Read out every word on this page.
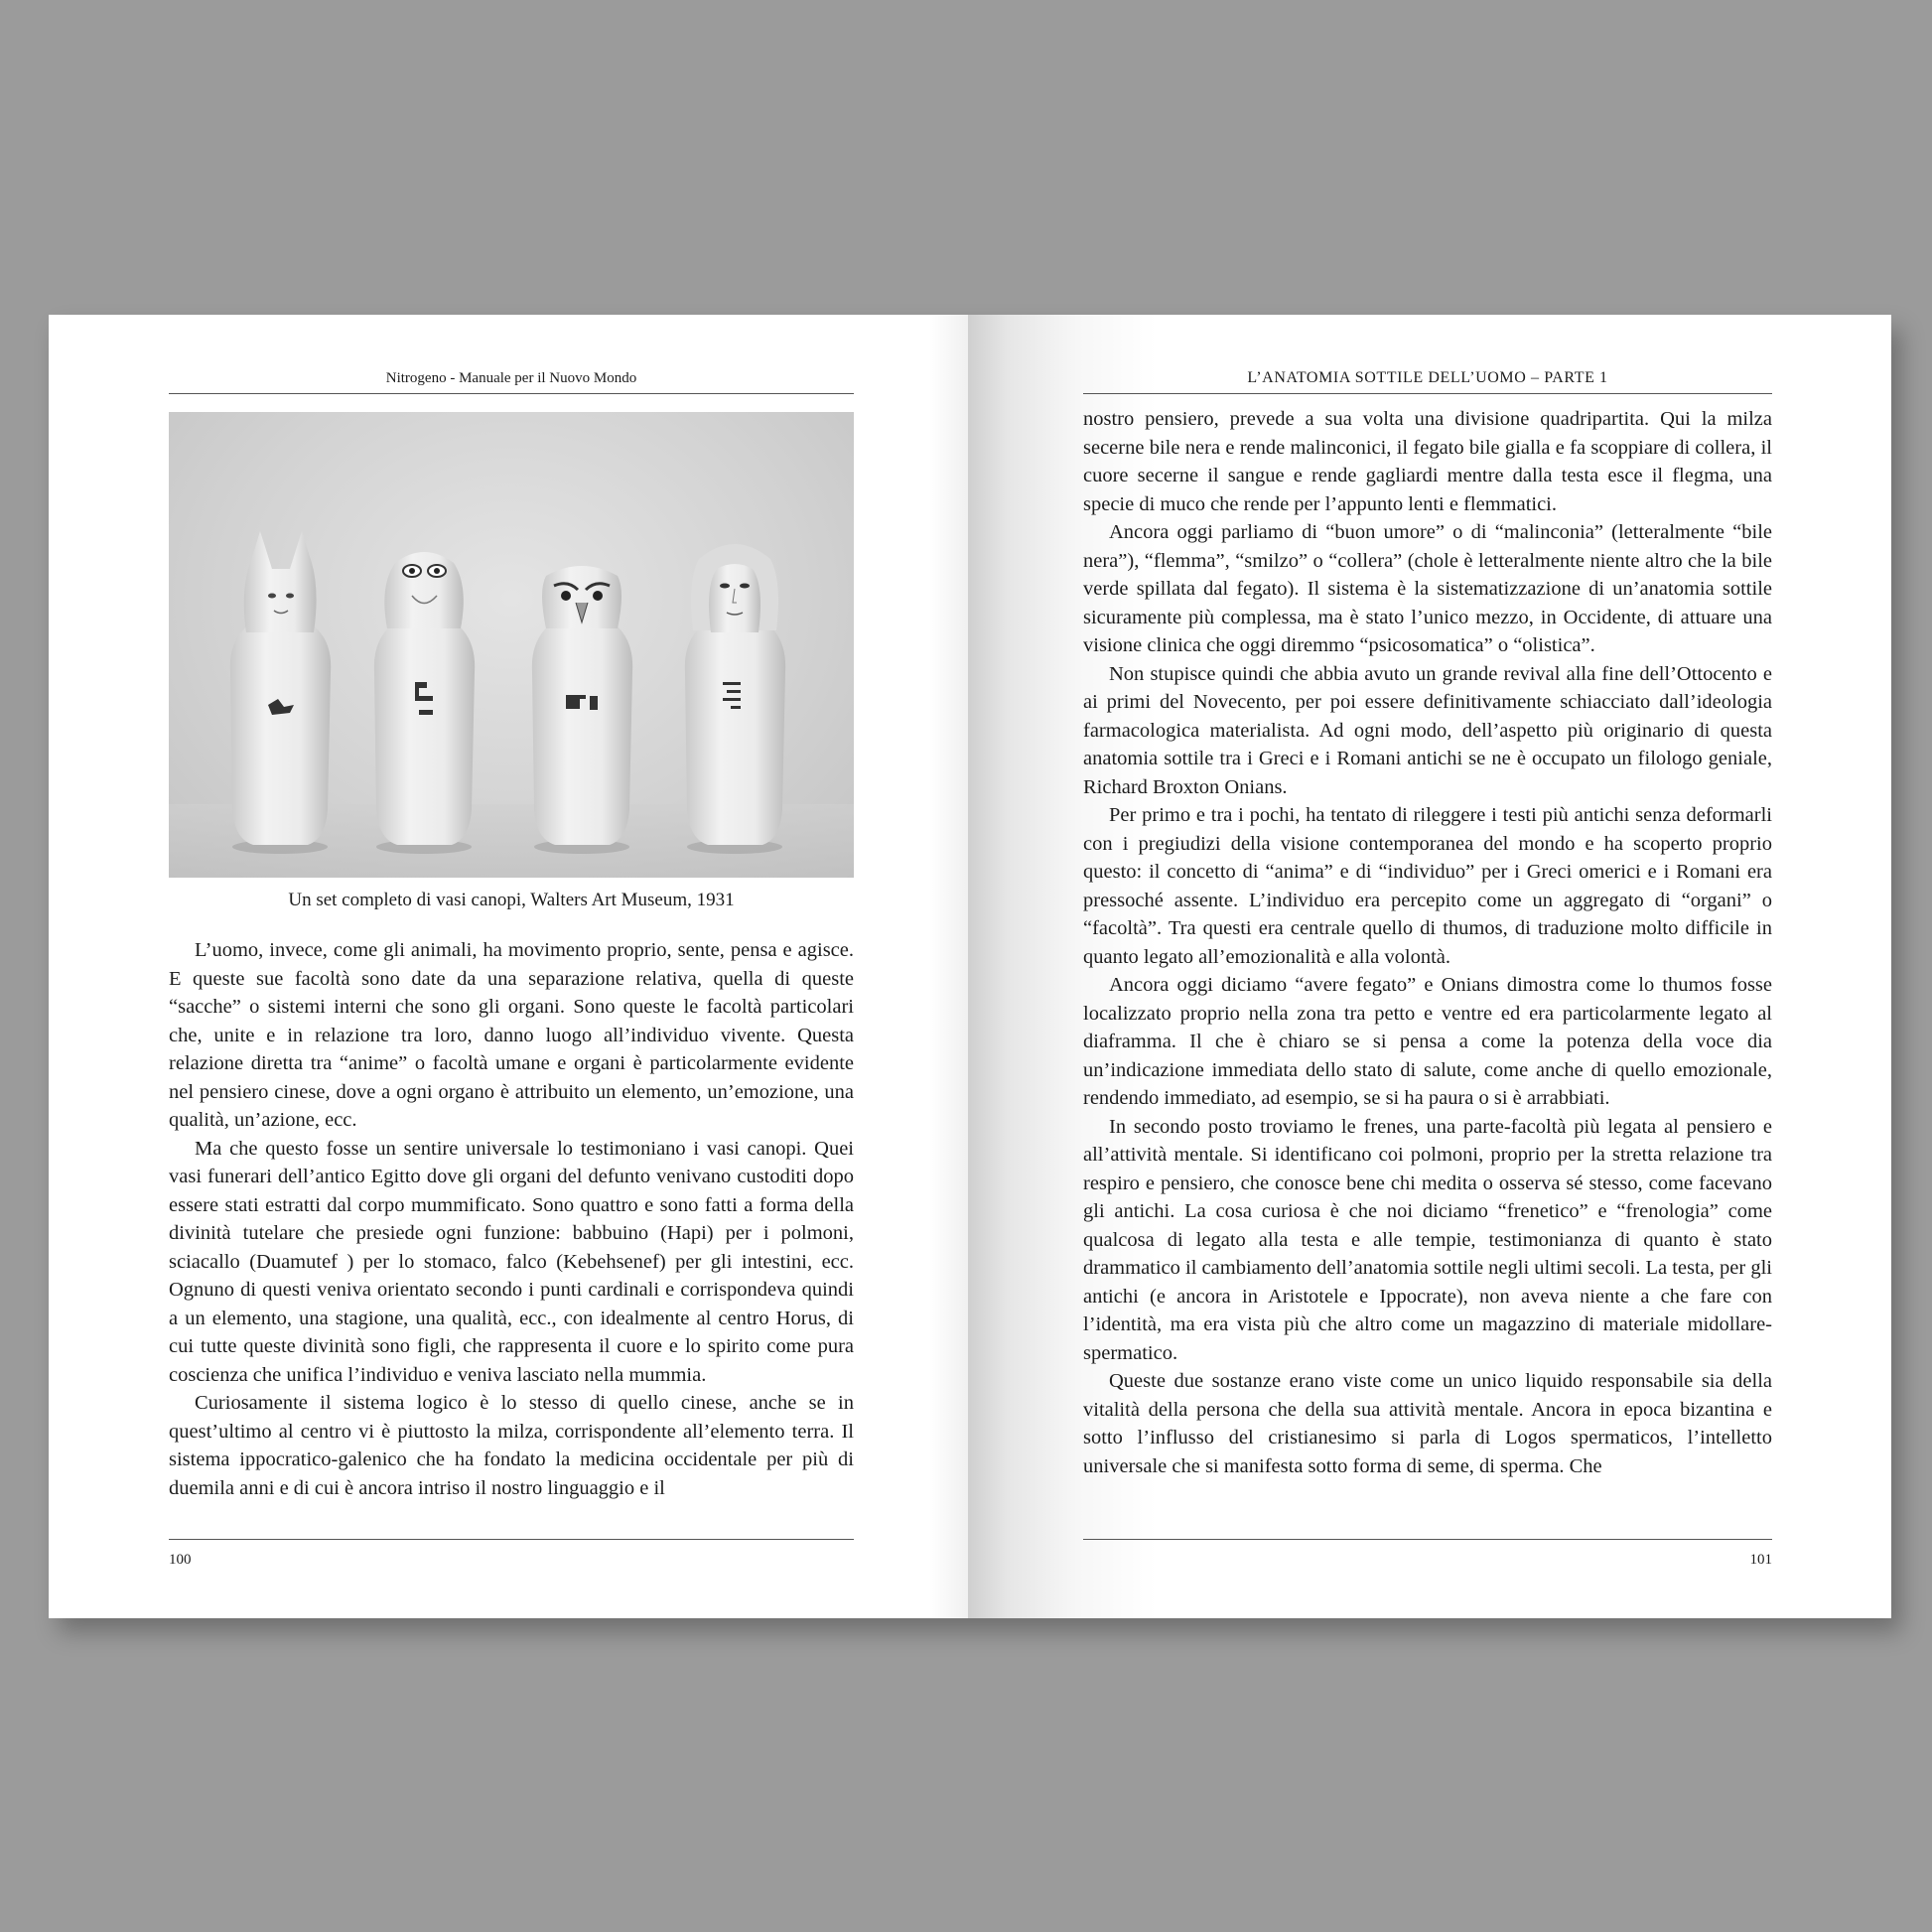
Nitrogeno - Manuale per il Nuovo Mondo
Un set completo di vasi canopi, Walters Art Museum, 1931

L’uomo, invece, come gli animali, ha movimento proprio, sente, pensa e agisce. E queste sue facoltà sono date da una separazione relativa, quella di queste “sacche” o sistemi interni che sono gli organi. Sono queste le facoltà particolari che, unite e in relazione tra loro, danno luogo all’individuo vivente. Questa relazione diretta tra “anime” o facoltà umane e organi è particolarmente evidente nel pensiero cinese, dove a ogni organo è attribuito un elemento, un’emozione, una qualità, un’azione, ecc.

Ma che questo fosse un sentire universale lo testimoniano i vasi canopi. Quei vasi funerari dell’antico Egitto dove gli organi del defunto venivano custoditi dopo essere stati estratti dal corpo mummificato. Sono quattro e sono fatti a forma della divinità tutelare che presiede ogni funzione: babbuino (Hapi) per i polmoni, sciacallo (Duamutef ) per lo stomaco, falco (Kebehsenef) per gli intestini, ecc. Ognuno di questi veniva orientato secondo i punti cardinali e corrispondeva quindi a un elemento, una stagione, una qualità, ecc., con idealmente al centro Horus, di cui tutte queste divinità sono figli, che rappresenta il cuore e lo spirito come pura coscienza che unifica l’individuo e veniva lasciato nella mummia.

Curiosamente il sistema logico è lo stesso di quello cinese, anche se in quest’ultimo al centro vi è piuttosto la milza, corrispondente all’elemento terra. Il sistema ippocratico-galenico che ha fondato la medicina occidentale per più di duemila anni e di cui è ancora intriso il nostro linguaggio e il

100
L’ANATOMIA SOTTILE DELL’UOMO – PARTE 1

nostro pensiero, prevede a sua volta una divisione quadripartita. Qui la milza secerne bile nera e rende malinconici, il fegato bile gialla e fa scoppiare di collera, il cuore secerne il sangue e rende gagliardi mentre dalla testa esce il flegma, una specie di muco che rende per l’appunto lenti e flemmatici.

Ancora oggi parliamo di “buon umore” o di “malinconia” (letteralmente “bile nera”), “flemma”, “smilzo” o “collera” (chole è letteralmente niente altro che la bile verde spillata dal fegato). Il sistema è la sistematizzazione di un’anatomia sottile sicuramente più complessa, ma è stato l’unico mezzo, in Occidente, di attuare una visione clinica che oggi diremmo “psicosomatica” o “olistica”.

Non stupisce quindi che abbia avuto un grande revival alla fine dell’Ottocento e ai primi del Novecento, per poi essere definitivamente schiacciato dall’ideologia farmacologica materialista. Ad ogni modo, dell’aspetto più originario di questa anatomia sottile tra i Greci e i Romani antichi se ne è occupato un filologo geniale, Richard Broxton Onians.

Per primo e tra i pochi, ha tentato di rileggere i testi più antichi senza deformarli con i pregiudizi della visione contemporanea del mondo e ha scoperto proprio questo: il concetto di “anima” e di “individuo” per i Greci omerici e i Romani era pressoché assente. L’individuo era percepito come un aggregato di “organi” o “facoltà”. Tra questi era centrale quello di thumos, di traduzione molto difficile in quanto legato all’emozionalità e alla volontà.

Ancora oggi diciamo “avere fegato” e Onians dimostra come lo thumos fosse localizzato proprio nella zona tra petto e ventre ed era particolarmente legato al diaframma. Il che è chiaro se si pensa a come la potenza della voce dia un’indicazione immediata dello stato di salute, come anche di quello emozionale, rendendo immediato, ad esempio, se si ha paura o si è arrabbiati.

In secondo posto troviamo le frenes, una parte-facoltà più legata al pensiero e all’attività mentale. Si identificano coi polmoni, proprio per la stretta relazione tra respiro e pensiero, che conosce bene chi medita o osserva sé stesso, come facevano gli antichi. La cosa curiosa è che noi diciamo “frenetico” e “frenologia” come qualcosa di legato alla testa e alle tempie, testimonianza di quanto è stato drammatico il cambiamento dell’anatomia sottile negli ultimi secoli. La testa, per gli antichi (e ancora in Aristotele e Ippocrate), non aveva niente a che fare con l’identità, ma era vista più che altro come un magazzino di materiale midollare-spermatico.

Queste due sostanze erano viste come un unico liquido responsabile sia della vitalità della persona che della sua attività mentale. Ancora in epoca bizantina e sotto l’influsso del cristianesimo si parla di Logos spermaticos, l’intelletto universale che si manifesta sotto forma di seme, di sperma. Che

101
